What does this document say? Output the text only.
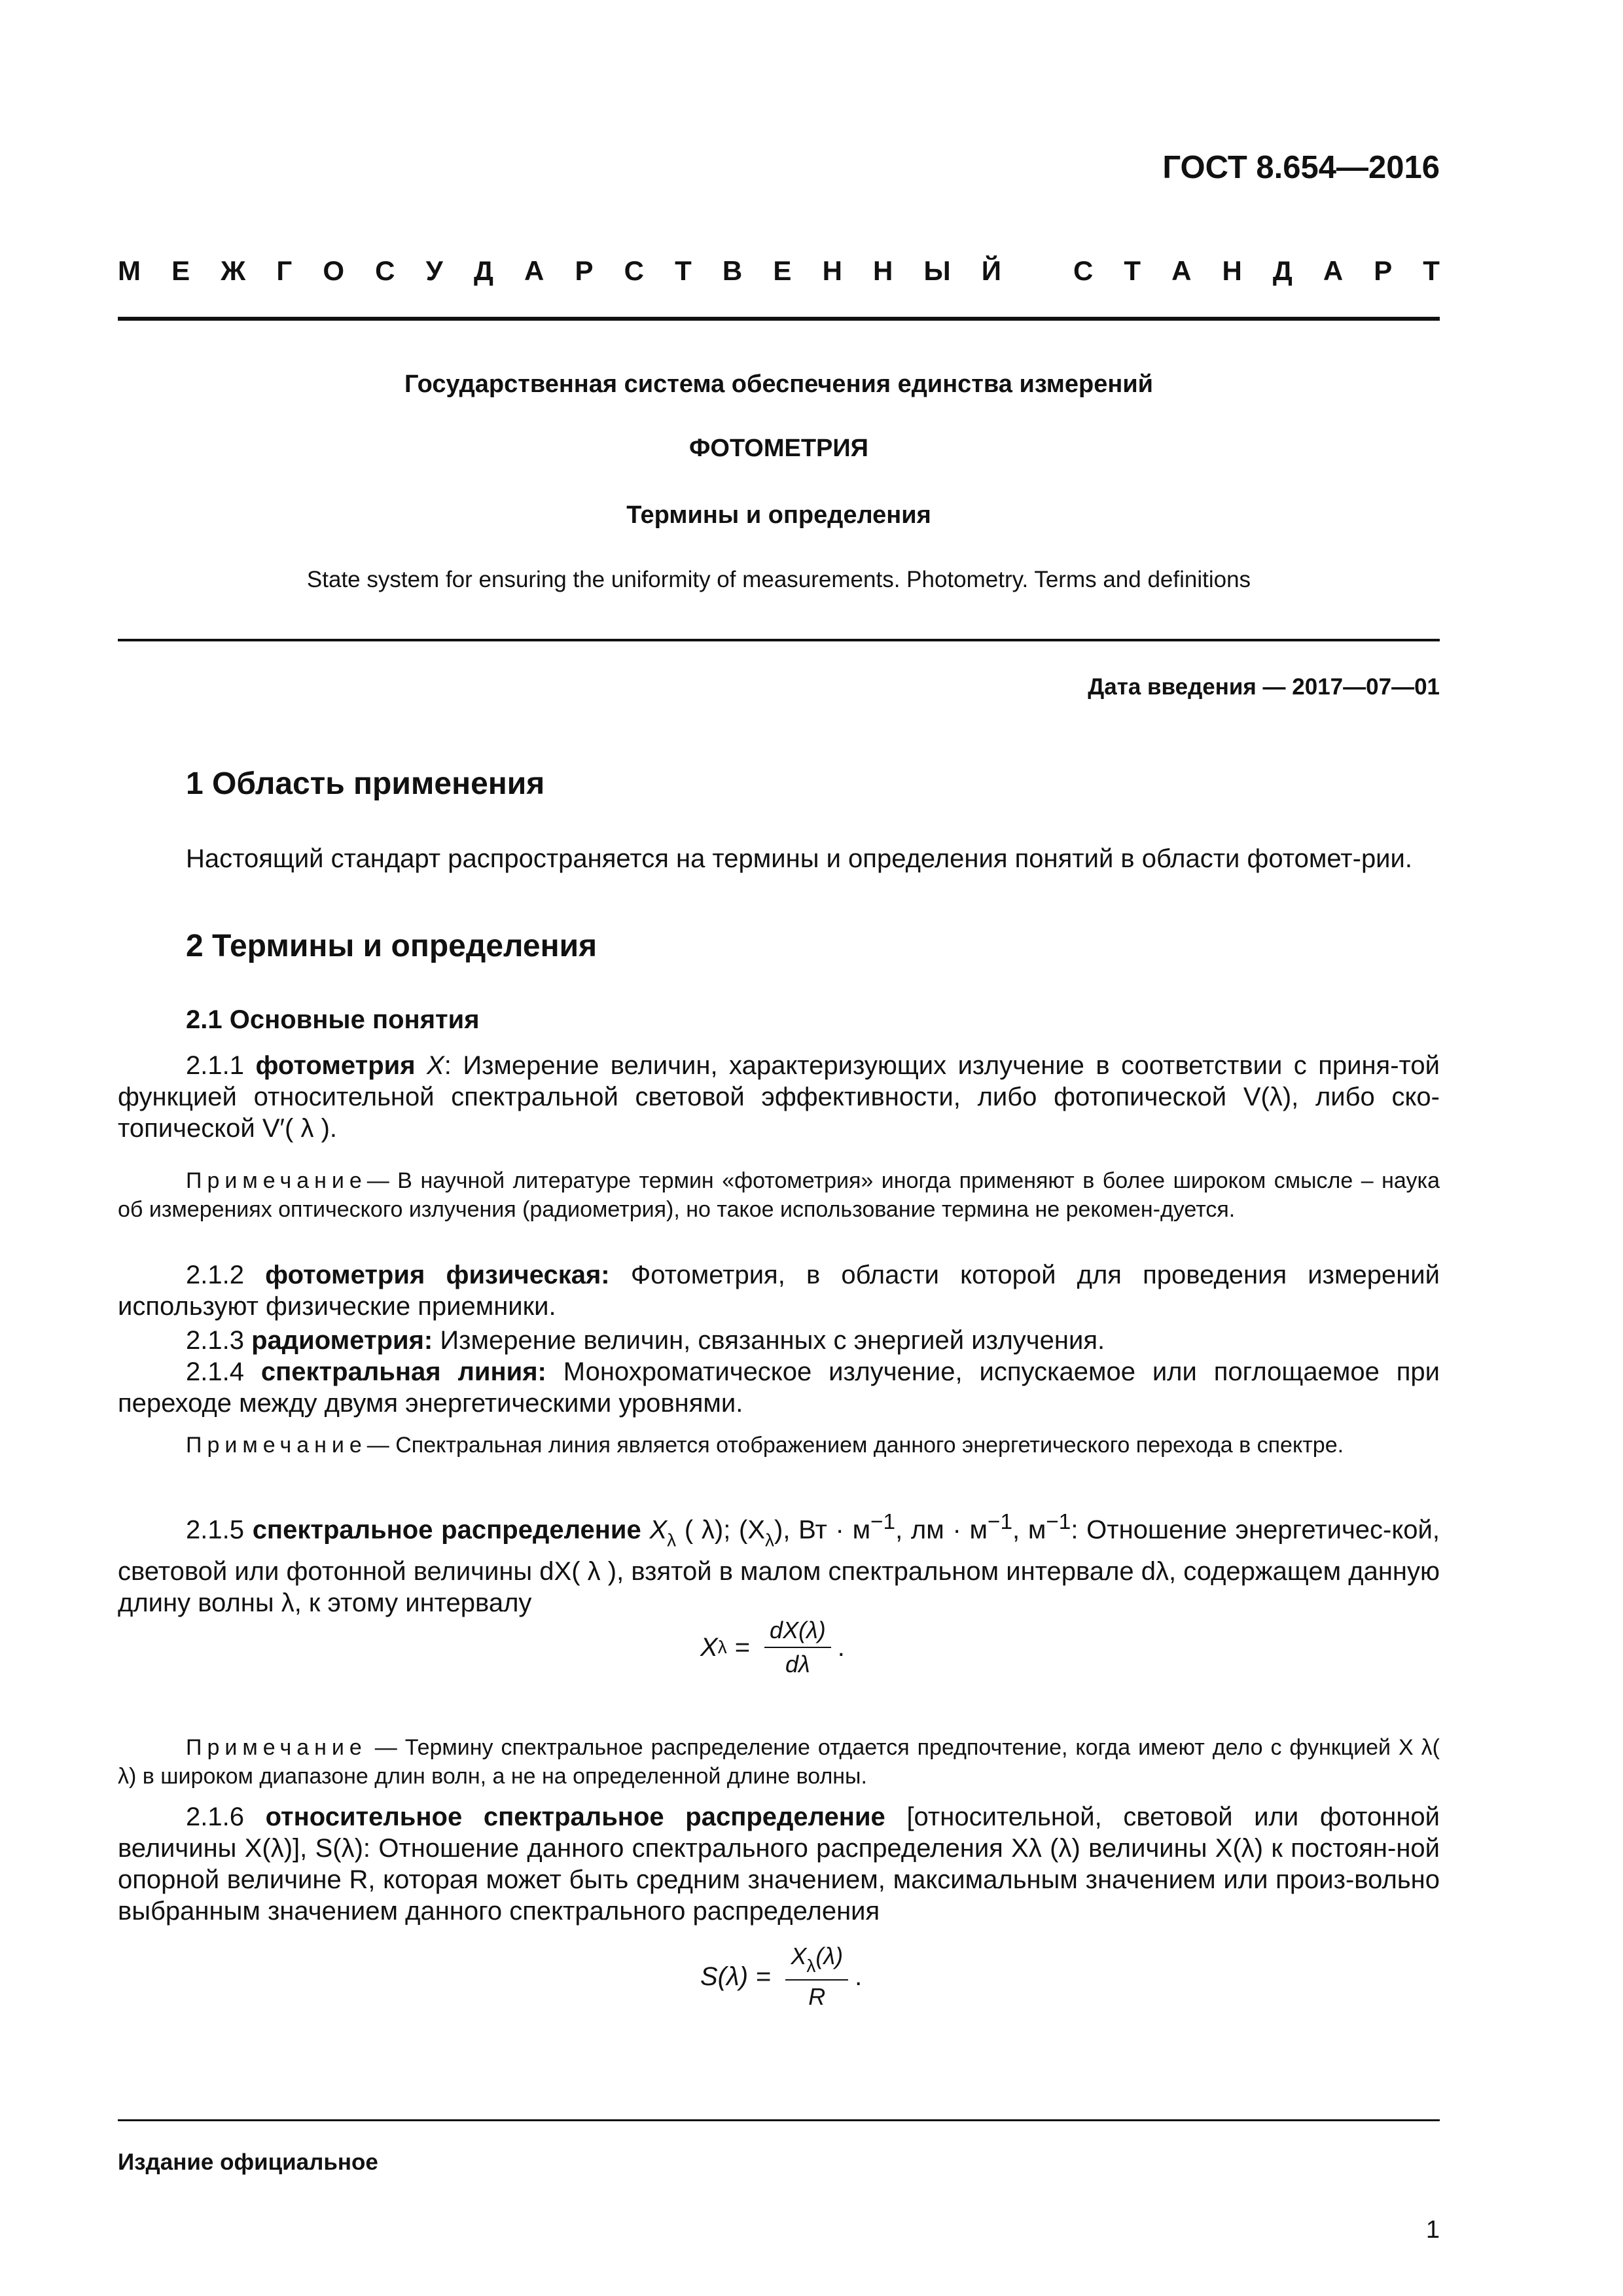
ГОСТ 8.654—2016
М Е Ж Г О С У Д А Р С Т В Е Н Н Ы Й	С Т А Н Д А Р Т
Государственная система обеспечения единства измерений
ФОТОМЕТРИЯ
Термины и определения
State system for ensuring the uniformity of measurements. Photometry. Terms and definitions
Дата введения — 2017—07—01
1 Область применения
Настоящий стандарт распространяется на термины и определения понятий в области фотомет-рии.
2 Термины и определения
2.1 Основные понятия
2.1.1 фотометрия X: Измерение величин, характеризующих излучение в соответствии с приня-той функцией относительной спектральной световой эффективности, либо фотопической V(λ), либо ско-топической V′( λ ).
Примечание— В научной литературе термин «фотометрия» иногда применяют в более широком смысле – наука об измерениях оптического излучения (радиометрия), но такое использование термина не рекомен-дуется.
2.1.2 фотометрия физическая: Фотометрия, в области которой для проведения измерений используют физические приемники.
2.1.3 радиометрия: Измерение величин, связанных с энергией излучения.
2.1.4 спектральная линия: Монохроматическое излучение, испускаемое или поглощаемое при переходе между двумя энергетическими уровнями.
Примечание— Спектральная линия является отображением данного энергетического перехода в спектре.
2.1.5 спектральное распределение $X_\lambda$ ( λ); $(X_\lambda)$, Вт · $м^{-1}$, лм · $м^{-1}$, $м^{-1}$: Отношение энергетичес-кой, световой или фотонной величины dX( λ ), взятой в малом спектральном интервале dλ, содержащем данную длину волны λ, к этому интервалу
X $\lambda = \frac{dX(\lambda)}{d\lambda}$ .
Примечание — Термину спектральное распределение отдается предпочтение, когда имеют дело с функцией X λ( λ) в широком диапазоне длин волн, а не на определенной длине волны.
2.1.6 относительное спектральное распределение [относительной, световой или фотонной величины X(λ)], S(λ): Отношение данного спектрального распределения Xλ (λ) величины X(λ) к постоян-ной опорной величине R, которая может быть средним значением, максимальным значением или произ-вольно выбранным значением данного спектрального распределения
$S(\lambda) = \frac{X_\lambda(\lambda)}{R}$ .
Издание официальное
1
